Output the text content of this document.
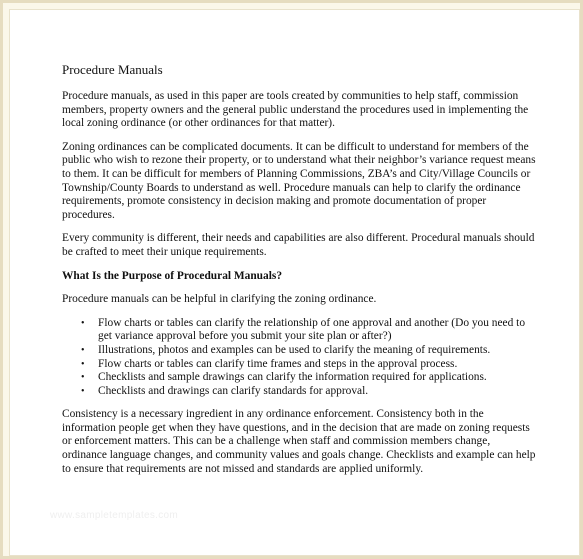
Procedure Manuals

Procedure manuals, as used in this paper are tools created by communities to help staff, commission members, property owners and the general public understand the procedures used in implementing the local zoning ordinance (or other ordinances for that matter).

Zoning ordinances can be complicated documents. It can be difficult to understand for members of the public who wish to rezone their property, or to understand what their neighbor’s variance request means to them. It can be difficult for members of Planning Commissions, ZBA’s and City/Village Councils or Township/County Boards to understand as well. Procedure manuals can help to clarify the ordinance requirements, promote consistency in decision making and promote documentation of proper procedures.

Every community is different, their needs and capabilities are also different. Procedural manuals should be crafted to meet their unique requirements.

What Is the Purpose of Procedural Manuals?

Procedure manuals can be helpful in clarifying the zoning ordinance.

• Flow charts or tables can clarify the relationship of one approval and another (Do you need to get variance approval before you submit your site plan or after?)
• Illustrations, photos and examples can be used to clarify the meaning of requirements.
• Flow charts or tables can clarify time frames and steps in the approval process.
• Checklists and sample drawings can clarify the information required for applications.
• Checklists and drawings can clarify standards for approval.

Consistency is a necessary ingredient in any ordinance enforcement. Consistency both in the information people get when they have questions, and in the decision that are made on zoning requests or enforcement matters. This can be a challenge when staff and commission members change, ordinance language changes, and community values and goals change. Checklists and example can help to ensure that requirements are not missed and standards are applied uniformly.

www.sampletemplates.com
